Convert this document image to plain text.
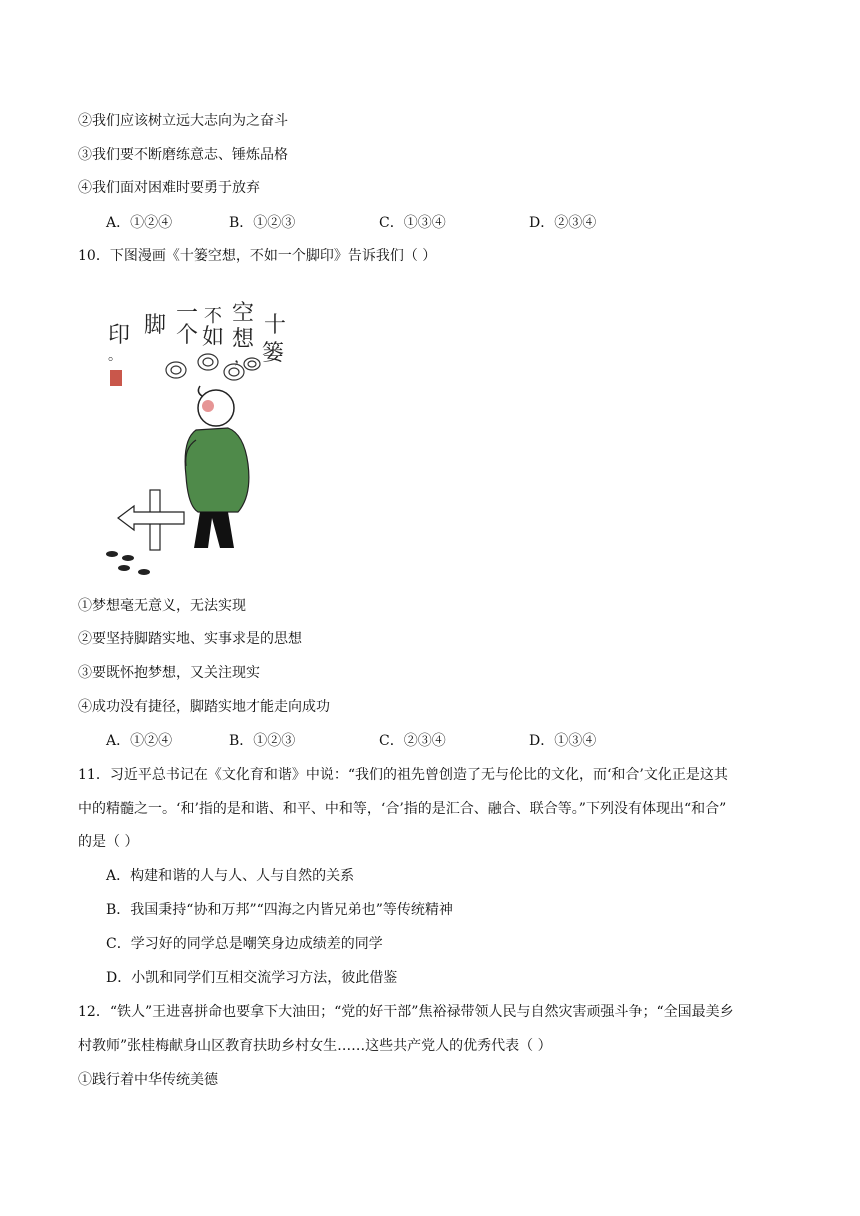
②我们应该树立远大志向为之奋斗
③我们要不断磨练意志、锤炼品格
④我们面对困难时要勇于放弃
A．①②④	B．①②③	C．①③④	D．②③④
10．下图漫画《十篓空想，不如一个脚印》告诉我们（ ）
十
篓
空
想
，
不
如
一
个
脚
印
。
①梦想毫无意义，无法实现
②要坚持脚踏实地、实事求是的思想
③要既怀抱梦想，又关注现实
④成功没有捷径，脚踏实地才能走向成功
A．①②④	B．①②③	C．②③④	D．①③④
11．习近平总书记在《文化育和谐》中说：“我们的祖先曾创造了无与伦比的文化，而‘和合’文化正是这其
中的精髓之一。‘和’指的是和谐、和平、中和等，‘合’指的是汇合、融合、联合等。”下列没有体现出“和合”
的是（ ）
A．构建和谐的人与人、人与自然的关系
B．我国秉持“协和万邦”“四海之内皆兄弟也”等传统精神
C．学习好的同学总是嘲笑身边成绩差的同学
D．小凯和同学们互相交流学习方法，彼此借鉴
12．“铁人”王进喜拼命也要拿下大油田；“党的好干部”焦裕禄带领人民与自然灾害顽强斗争；“全国最美乡
村教师”张桂梅献身山区教育扶助乡村女生……这些共产党人的优秀代表（ ）
①践行着中华传统美德
